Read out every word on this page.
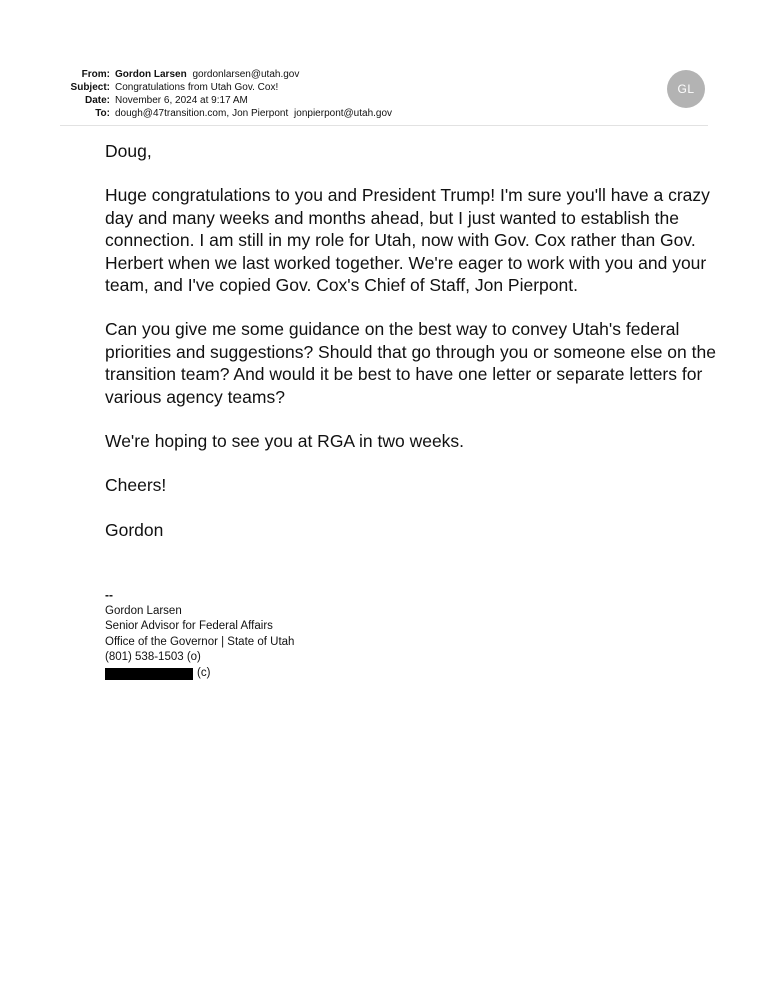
From: Gordon Larsen gordonlarsen@utah.gov
Subject: Congratulations from Utah Gov. Cox!
Date: November 6, 2024 at 9:17 AM
To: dough@47transition.com, Jon Pierpont jonpierpont@utah.gov
GL

Doug,

Huge congratulations to you and President Trump! I'm sure you'll have a crazy day and many weeks and months ahead, but I just wanted to establish the connection. I am still in my role for Utah, now with Gov. Cox rather than Gov. Herbert when we last worked together. We're eager to work with you and your team, and I've copied Gov. Cox's Chief of Staff, Jon Pierpont.

Can you give me some guidance on the best way to convey Utah's federal priorities and suggestions? Should that go through you or someone else on the transition team? And would it be best to have one letter or separate letters for various agency teams?

We're hoping to see you at RGA in two weeks.

Cheers!

Gordon

--
Gordon Larsen
Senior Advisor for Federal Affairs
Office of the Governor | State of Utah
(801) 538-1503 (o)
(c)
